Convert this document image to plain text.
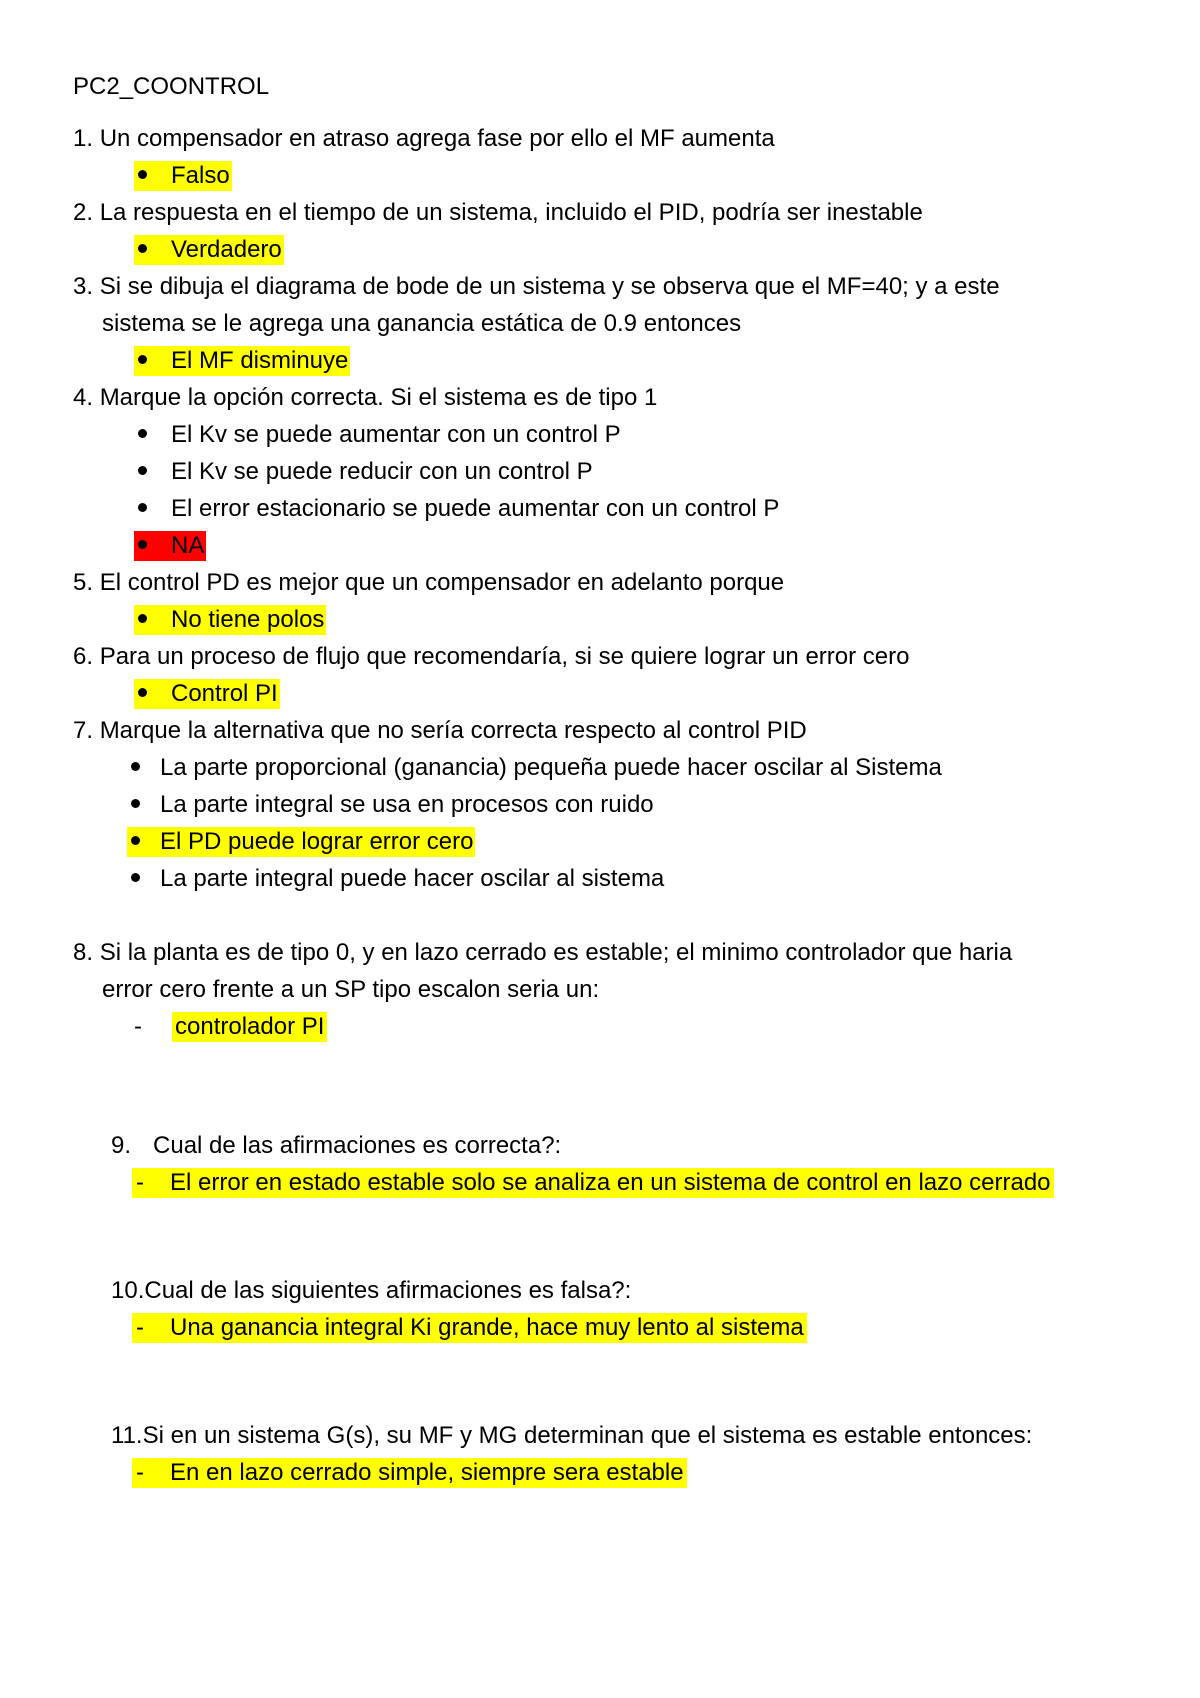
PC2_COONTROL
1. Un compensador en atraso agrega fase por ello el MF aumenta
Falso
2. La respuesta en el tiempo de un sistema, incluido el PID, podría ser inestable
Verdadero
3. Si se dibuja el diagrama de bode de un sistema y se observa que el MF=40; y a este
sistema se le agrega una ganancia estática de 0.9 entonces
El MF disminuye
4. Marque la opción correcta. Si el sistema es de tipo 1
El Kv se puede aumentar con un control P
El Kv se puede reducir con un control P
El error estacionario se puede aumentar con un control P
NA
5. El control PD es mejor que un compensador en adelanto porque
No tiene polos
6. Para un proceso de flujo que recomendaría, si se quiere lograr un error cero
Control PI
7. Marque la alternativa que no sería correcta respecto al control PID
La parte proporcional (ganancia) pequeña puede hacer oscilar al Sistema
La parte integral se usa en procesos con ruido
El PD puede lograr error cero
La parte integral puede hacer oscilar al sistema
8. Si la planta es de tipo 0, y en lazo cerrado es estable; el minimo controlador que haria
error cero frente a un SP tipo escalon seria un:
- controlador PI
9. Cual de las afirmaciones es correcta?:
- El error en estado estable solo se analiza en un sistema de control en lazo cerrado
10.Cual de las siguientes afirmaciones es falsa?:
- Una ganancia integral Ki grande, hace muy lento al sistema
11.Si en un sistema G(s), su MF y MG determinan que el sistema es estable entonces:
- En en lazo cerrado simple, siempre sera estable
